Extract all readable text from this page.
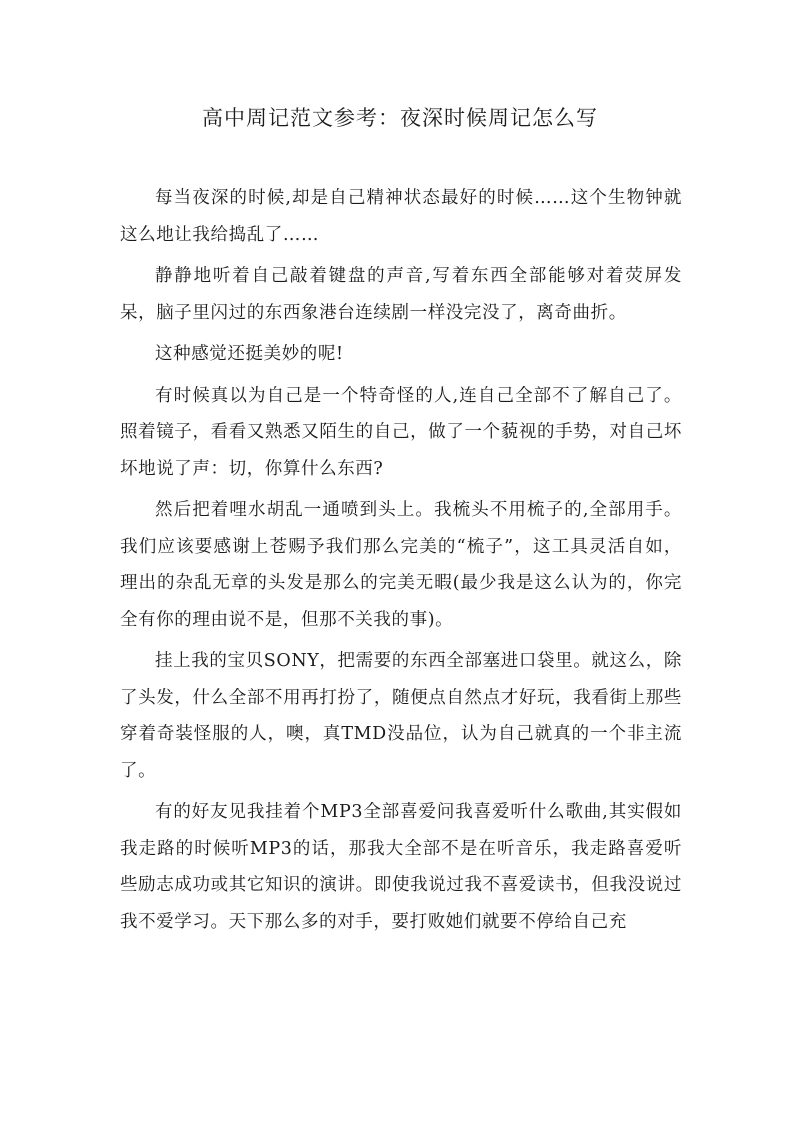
高中周记范文参考：夜深时候周记怎么写

每当夜深的时候,却是自己精神状态最好的时候……这个生物钟就这么地让我给捣乱了……

静静地听着自己敲着键盘的声音,写着东西全部能够对着荧屏发呆，脑子里闪过的东西象港台连续剧一样没完没了，离奇曲折。

这种感觉还挺美妙的呢!

有时候真以为自己是一个特奇怪的人,连自己全部不了解自己了。照着镜子，看看又熟悉又陌生的自己，做了一个藐视的手势，对自己坏坏地说了声：切，你算什么东西?

然后把着哩水胡乱一通喷到头上。我梳头不用梳子的,全部用手。我们应该要感谢上苍赐予我们那么完美的“梳子”，这工具灵活自如，理出的杂乱无章的头发是那么的完美无暇(最少我是这么认为的，你完全有你的理由说不是，但那不关我的事)。

挂上我的宝贝SONY，把需要的东西全部塞进口袋里。就这么，除了头发，什么全部不用再打扮了，随便点自然点才好玩，我看街上那些穿着奇装怪服的人，噢，真TMD没品位，认为自己就真的一个非主流了。

有的好友见我挂着个MP3全部喜爱问我喜爱听什么歌曲,其实假如我走路的时候听MP3的话，那我大全部不是在听音乐，我走路喜爱听些励志成功或其它知识的演讲。即使我说过我不喜爱读书，但我没说过我不爱学习。天下那么多的对手，要打败她们就要不停给自己充
